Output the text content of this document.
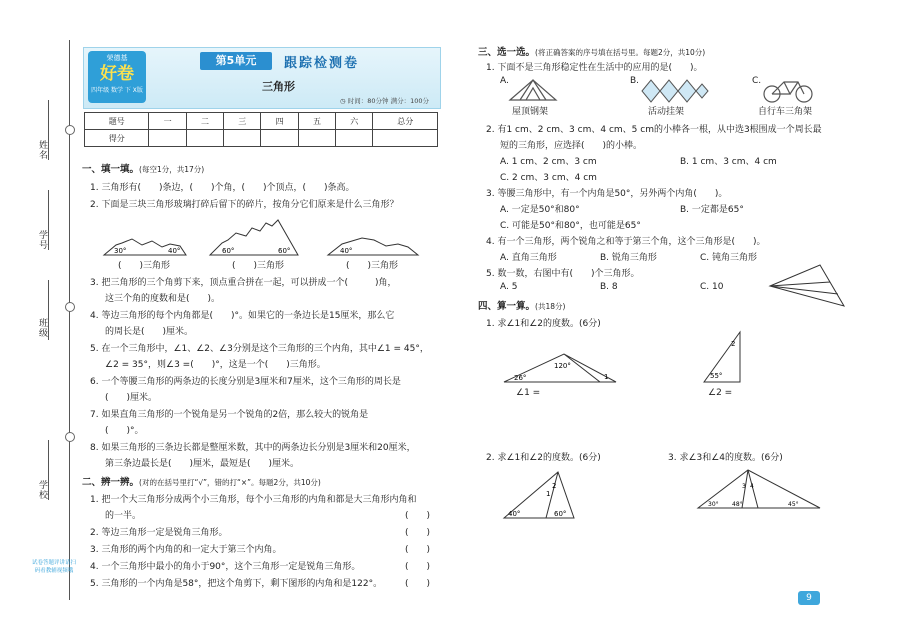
姓名
学号
班级
学校
试卷答题评讲请扫码看教辅视频哦
荣德基
好卷
四年级 数学 下 X版
第5单元	跟踪检测卷
三角形
◷ 时间：80分钟 满分：100分
题号	一	二	三	四	五	六	总分
得分							
一、填一填。(每空1分，共17分)
1. 三角形有(　　)条边，(　　)个角，(　　)个顶点，(　　)条高。
2. 下面是三块三角形玻璃打碎后留下的碎片，按角分它们原来是什么三角形？
30°	40°	60°	60°	40°
(　　)三角形	(　　)三角形	(　　)三角形
3. 把三角形的三个角剪下来，顶点重合拼在一起，可以拼成一个(　　　)角，
这三个角的度数和是(　　)。
4. 等边三角形的每个内角都是(　　)°。如果它的一条边长是15厘米，那么它
的周长是(　　)厘米。
5. 在一个三角形中，∠1、∠2、∠3分别是这个三角形的三个内角，其中∠1 = 45°，
∠2 = 35°，则∠3 =(　　)°，这是一个(　　)三角形。
6. 一个等腰三角形的两条边的长度分别是3厘米和7厘米，这个三角形的周长是
(　　)厘米。
7. 如果直角三角形的一个锐角是另一个锐角的2倍，那么较大的锐角是
(　　)°。
8. 如果三角形的三条边长都是整厘米数，其中的两条边长分别是3厘米和20厘米，
第三条边最长是(　　)厘米，最短是(　　)厘米。
二、辨一辨。(对的在括号里打“√”，错的打“×”。每题2分，共10分)
1. 把一个大三角形分成两个小三角形，每个小三角形的内角和都是大三角形内角和
的一半。
2. 等边三角形一定是锐角三角形。
3. 三角形的两个内角的和一定大于第三个内角。
4. 一个三角形中最小的角小于90°，这个三角形一定是锐角三角形。
5. 三角形的一个内角是58°，把这个角剪下，剩下图形的内角和是122°。
(　　)
(　　)
(　　)
(　　)
(　　)
三、选一选。(将正确答案的序号填在括号里。每题2分，共10分)
1. 下面不是三角形稳定性在生活中的应用的是(　　)。
A.	B.	C.
屋顶钢架	活动挂架	自行车三角架
2. 有1 cm、2 cm、3 cm、4 cm、5 cm的小棒各一根，从中选3根围成一个周长最
短的三角形，应选择(　　)的小棒。
A. 1 cm、2 cm、3 cm	B. 1 cm、3 cm、4 cm
C. 2 cm、3 cm、4 cm
3. 等腰三角形中，有一个内角是50°，另外两个内角(　　)。
A. 一定是50°和80°	B. 一定都是65°
C. 可能是50°和80°，也可能是65°
4. 有一个三角形，两个锐角之和等于第三个角，这个三角形是(　　)。
A. 直角三角形	B. 锐角三角形	C. 钝角三角形
5. 数一数，右图中有(　　)个三角形。
A. 5	B. 8	C. 10
四、算一算。(共18分)
1. 求∠1和∠2的度数。(6分)
120°
26°	1
∠1 =
2
55°
∠2 =
2. 求∠1和∠2的度数。(6分)	3. 求∠3和∠4的度数。(6分)
2
1
40°	60°
30°
3 4
48°	45°
9
